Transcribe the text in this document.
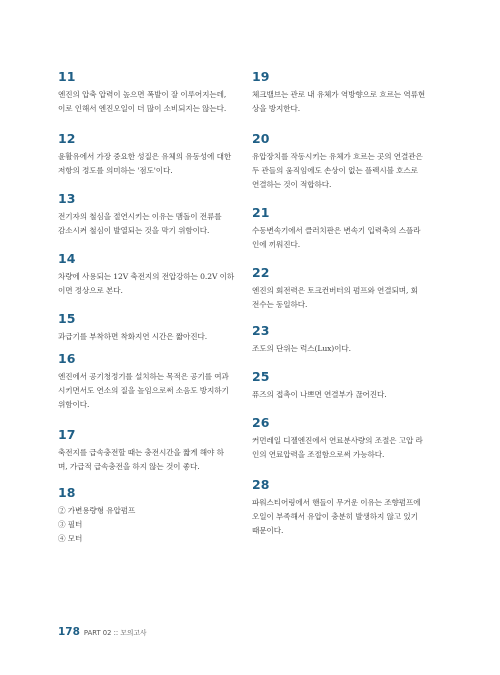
11
엔진의 압축 압력이 높으면 폭발이 잘 이루어지는데,
이로 인해서 엔진오일이 더 많이 소비되지는 않는다.
12
윤활유에서 가장 중요한 성질은 유체의 유동성에 대한
저항의 정도를 의미하는 '점도'이다.
13
전기자의 철심을 절연시키는 이유는 맴돌이 전류를
감소시켜 철심이 발열되는 것을 막기 위함이다.
14
차량에 사용되는 12V 축전지의 전압강하는 0.2V 이하
이면 정상으로 본다.
15
과급기를 부착하면 착화지연 시간은 짧아진다.
16
엔진에서 공기청정기를 설치하는 목적은 공기를 여과
시키면서도 연소의 질을 높임으로써 소음도 방지하기
위함이다.
17
축전지를 급속충전할 때는 충전시간을 짧게 해야 하
며, 가급적 급속충전을 하지 않는 것이 좋다.
18
② 가변용량형 유압펌프
③ 필터
④ 모터
19
체크밸브는 관로 내 유체가 역방향으로 흐르는 역류현
상을 방지한다.
20
유압장치를 작동시키는 유체가 흐르는 곳의 연결관은
두 관들의 움직임에도 손상이 없는 플렉시블 호스로
연결하는 것이 적합하다.
21
수동변속기에서 클러치판은 변속기 입력축의 스플라
인에 끼워진다.
22
엔진의 회전력은 토크컨버터의 펌프와 연결되며, 회
전수는 동일하다.
23
조도의 단위는 럭스(Lux)이다.
25
퓨즈의 접촉이 나쁘면 연결부가 끊어진다.
26
커먼레일 디젤엔진에서 연료분사량의 조절은 고압 라
인의 연료압력을 조절함으로써 가능하다.
28
파워스티어링에서 핸들이 무거운 이유는 조향펌프에
오일이 부족해서 유압이 충분히 발생하지 않고 있기
때문이다.
178 PART 02 :: 모의고사
